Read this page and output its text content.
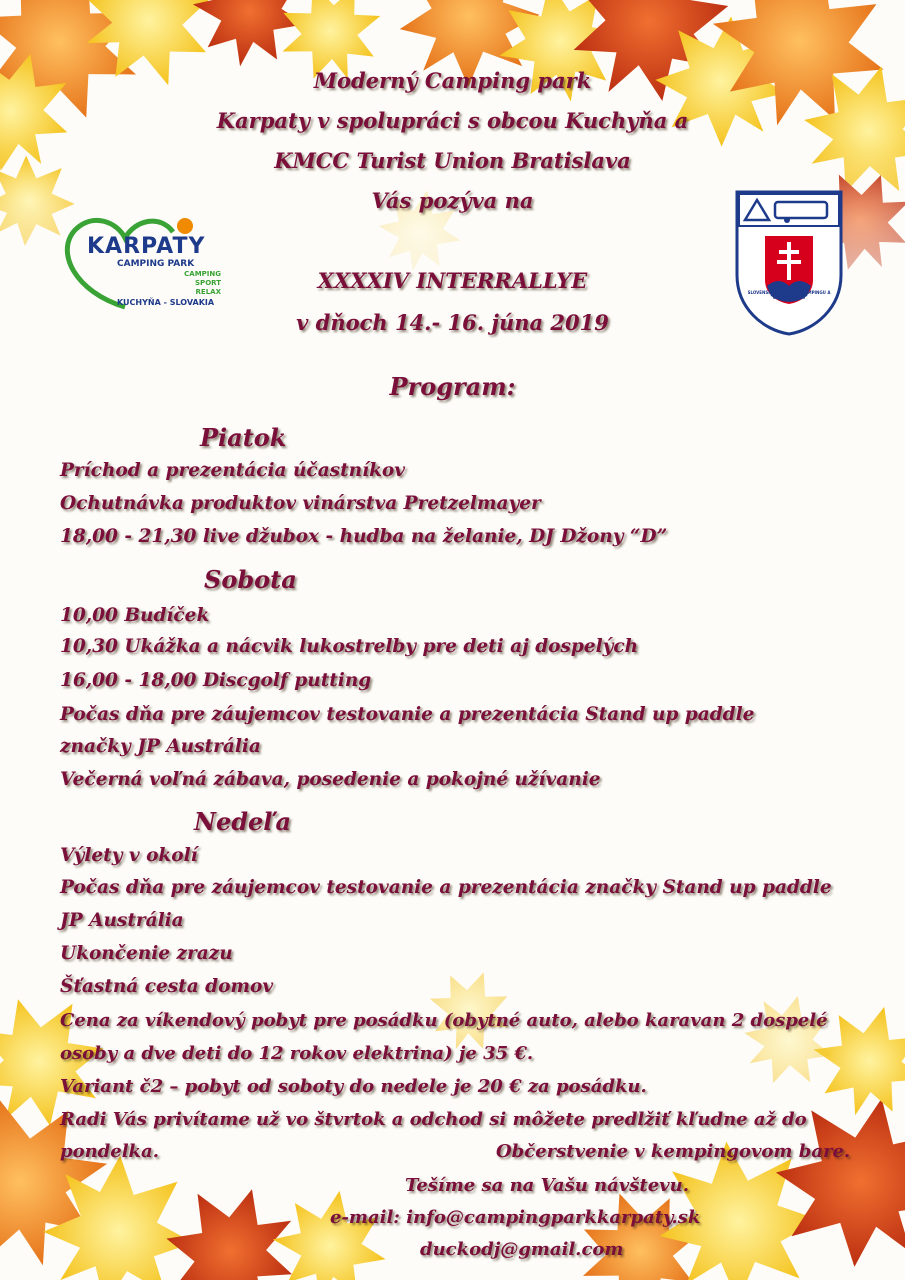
KARPATY
CAMPING PARK
CAMPING
SPORT
RELAX
KUCHYŇA - SLOVAKIA
SLOVENSKÁ ASOCIÁCIA CAMPINGU A CARAVANINGU
Moderný Camping park
Karpaty v spolupráci s obcou Kuchyňa a
KMCC Turist Union Bratislava
Vás pozýva na
XXXXIV INTERRALLYE
v dňoch 14.- 16. júna 2019
Program:
Piatok
Príchod a prezentácia účastníkov
Ochutnávka produktov vinárstva Pretzelmayer
18,00 - 21,30 live džubox - hudba na želanie, DJ Džony “D”
Sobota
10,00 Budíček
10,30 Ukážka a nácvik lukostrelby pre deti aj dospelých
16,00 - 18,00 Discgolf putting
Počas dňa pre záujemcov testovanie a prezentácia Stand up paddle
značky JP Austrália
Večerná voľná zábava, posedenie a pokojné užívanie
Nedeľa
Výlety v okolí
Počas dňa pre záujemcov testovanie a prezentácia značky Stand up paddle
JP Austrália
Ukončenie zrazu
Šťastná cesta domov
Cena za víkendový pobyt pre posádku (obytné auto, alebo karavan 2 dospelé
osoby a dve deti do 12 rokov elektrina) je 35 €.
Variant č2 – pobyt od soboty do nedele je 20 € za posádku.
Radi Vás privítame už vo štvrtok a odchod si môžete predlžiť kľudne až do
pondelka.	Občerstvenie v kempingovom bare.
Tešíme sa na Vašu návštevu.
e-mail: info@campingparkkarpaty.sk
duckodj@gmail.com
